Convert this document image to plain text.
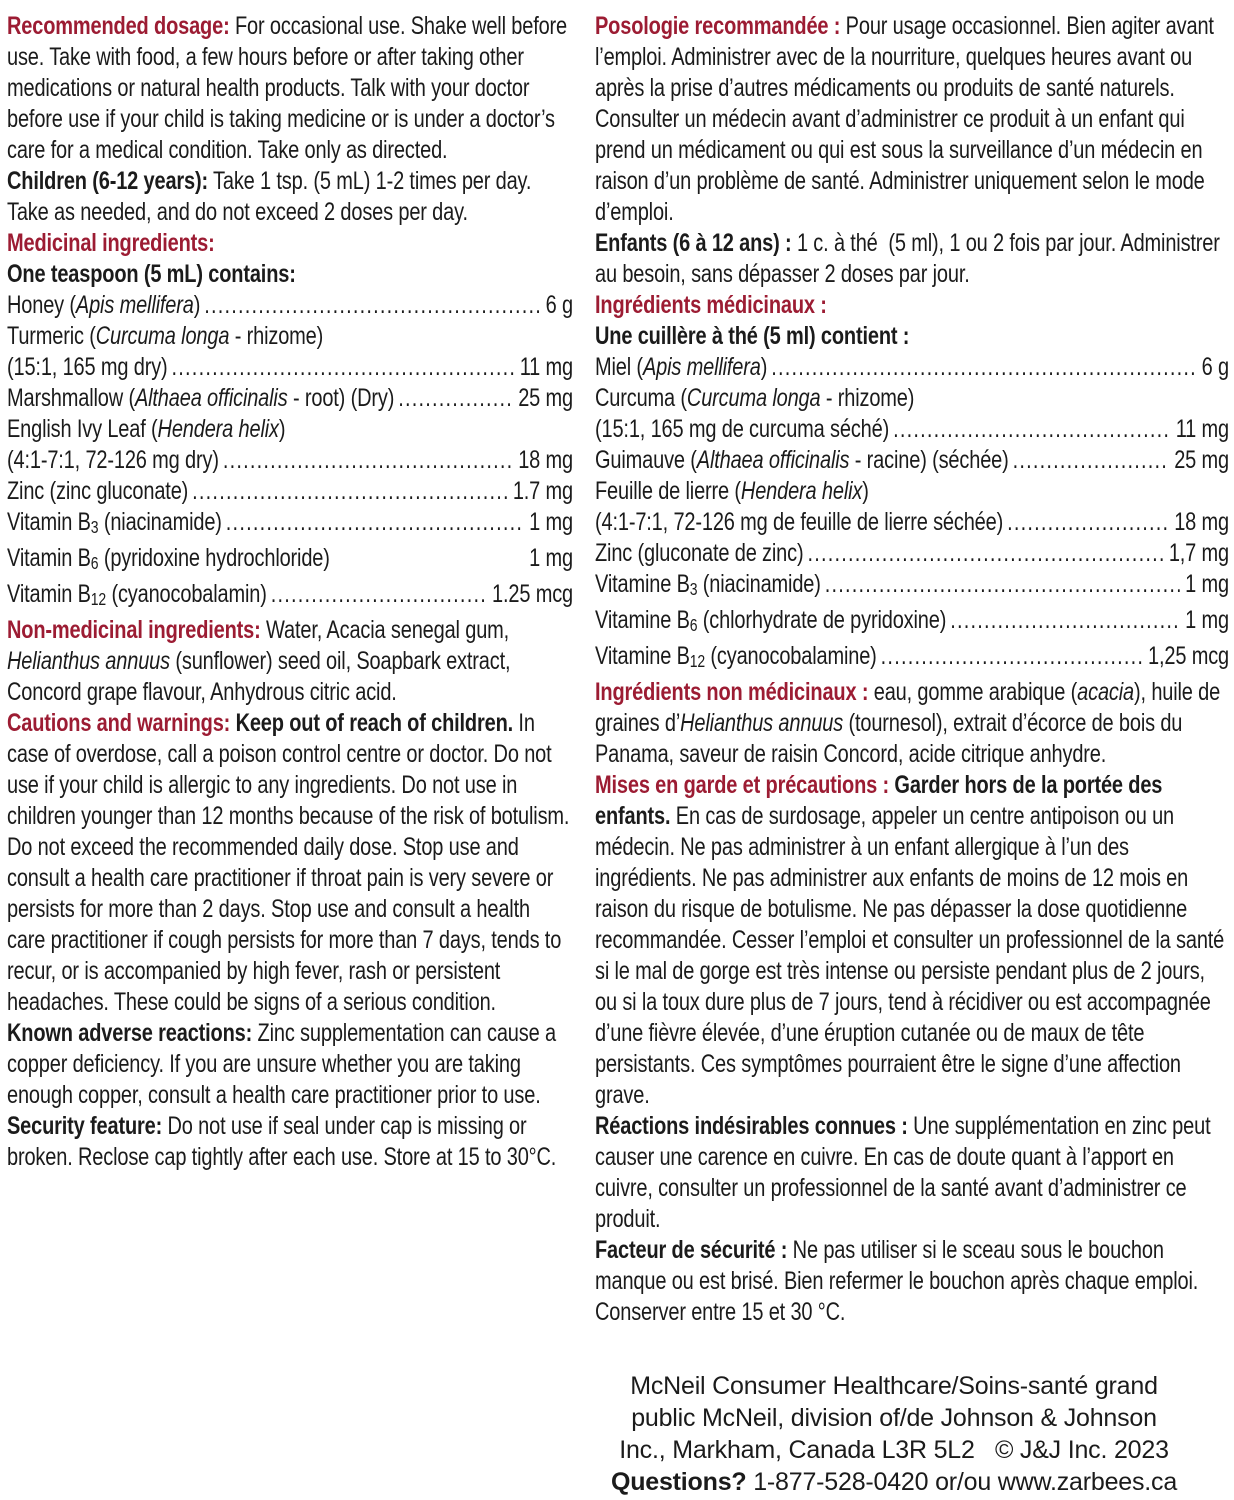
Recommended dosage: For occasional use. Shake well before use. Take with food, a few hours before or after taking other medications or natural health products. Talk with your doctor before use if your child is taking medicine or is under a doctor’s care for a medical condition. Take only as directed.
Children (6-12 years): Take 1 tsp. (5 mL) 1-2 times per day. Take as needed, and do not exceed 2 doses per day.
Medicinal ingredients:
One teaspoon (5 mL) contains:
Honey (Apis mellifera) .....	6 g
Turmeric (Curcuma longa - rhizome)
(15:1, 165 mg dry) .....	11 mg
Marshmallow (Althaea officinalis - root) (Dry) .....	25 mg
English Ivy Leaf (Hendera helix)
(4:1-7:1, 72-126 mg dry) .....	18 mg
Zinc (zinc gluconate) .....	1.7 mg
Vitamin B3 (niacinamide) .....	1 mg
Vitamin B6 (pyridoxine hydrochloride)	1 mg
Vitamin B12 (cyanocobalamin) .....	1.25 mcg
Non-medicinal ingredients: Water, Acacia senegal gum, Helianthus annuus (sunflower) seed oil, Soapbark extract, Concord grape flavour, Anhydrous citric acid.
Cautions and warnings: Keep out of reach of children. In case of overdose, call a poison control centre or doctor. Do not use if your child is allergic to any ingredients. Do not use in children younger than 12 months because of the risk of botulism. Do not exceed the recommended daily dose. Stop use and consult a health care practitioner if throat pain is very severe or persists for more than 2 days. Stop use and consult a health care practitioner if cough persists for more than 7 days, tends to recur, or is accompanied by high fever, rash or persistent headaches. These could be signs of a serious condition.
Known adverse reactions: Zinc supplementation can cause a copper deficiency. If you are unsure whether you are taking enough copper, consult a health care practitioner prior to use.
Security feature: Do not use if seal under cap is missing or broken. Reclose cap tightly after each use. Store at 15 to 30°C.
Posologie recommandée : Pour usage occasionnel. Bien agiter avant l’emploi. Administrer avec de la nourriture, quelques heures avant ou après la prise d’autres médicaments ou produits de santé naturels. Consulter un médecin avant d’administrer ce produit à un enfant qui prend un médicament ou qui est sous la surveillance d’un médecin en raison d’un problème de santé. Administrer uniquement selon le mode d’emploi.
Enfants (6 à 12 ans) : 1 c. à thé  (5 ml), 1 ou 2 fois par jour. Administrer au besoin, sans dépasser 2 doses par jour.
Ingrédients médicinaux :
Une cuillère à thé (5 ml) contient :
Miel (Apis mellifera) .....	6 g
Curcuma (Curcuma longa - rhizome)
(15:1, 165 mg de curcuma séché) .....	11 mg
Guimauve (Althaea officinalis - racine) (séchée) .....	25 mg
Feuille de lierre (Hendera helix)
(4:1-7:1, 72-126 mg de feuille de lierre séchée) .....	18 mg
Zinc (gluconate de zinc) .....	1,7 mg
Vitamine B3 (niacinamide) .....	1 mg
Vitamine B6 (chlorhydrate de pyridoxine) .....	1 mg
Vitamine B12 (cyanocobalamine) .....	1,25 mcg
Ingrédients non médicinaux : eau, gomme arabique (acacia), huile de graines d’Helianthus annuus (tournesol), extrait d’écorce de bois du Panama, saveur de raisin Concord, acide citrique anhydre.
Mises en garde et précautions : Garder hors de la portée des enfants. En cas de surdosage, appeler un centre antipoison ou un médecin. Ne pas administrer à un enfant allergique à l’un des ingrédients. Ne pas administrer aux enfants de moins de 12 mois en raison du risque de botulisme. Ne pas dépasser la dose quotidienne recommandée. Cesser l’emploi et consulter un professionnel de la santé si le mal de gorge est très intense ou persiste pendant plus de 2 jours, ou si la toux dure plus de 7 jours, tend à récidiver ou est accompagnée d’une fièvre élevée, d’une éruption cutanée ou de maux de tête persistants. Ces symptômes pourraient être le signe d’une affection grave.
Réactions indésirables connues : Une supplémentation en zinc peut causer une carence en cuivre. En cas de doute quant à l’apport en cuivre, consulter un professionnel de la santé avant d’administrer ce produit.
Facteur de sécurité : Ne pas utiliser si le sceau sous le bouchon manque ou est brisé. Bien refermer le bouchon après chaque emploi. Conserver entre 15 et 30 °C.
McNeil Consumer Healthcare/Soins-santé grand
public McNeil, division of/de Johnson & Johnson
Inc., Markham, Canada L3R 5L2   © J&J Inc. 2023
Questions? 1-877-528-0420 or/ou www.zarbees.ca
